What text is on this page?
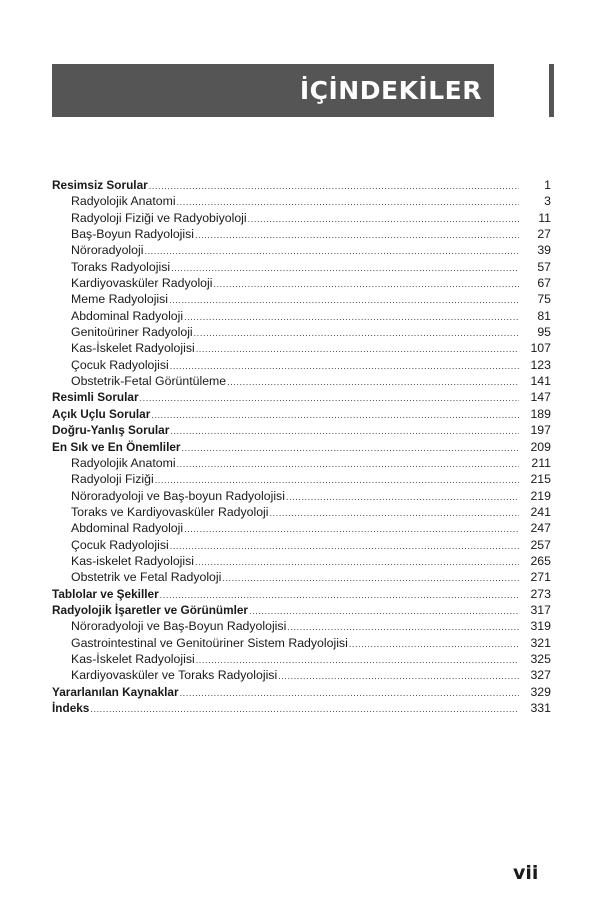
İÇİNDEKİLER
Resimsiz Sorular .....	1
Radyolojik Anatomi .....	3
Radyoloji Fiziği ve Radyobiyoloji .....	11
Baş-Boyun Radyolojisi .....	27
Nöroradyoloji .....	39
Toraks Radyolojisi .....	57
Kardiyovasküler Radyoloji .....	67
Meme Radyolojisi .....	75
Abdominal Radyoloji .....	81
Genitoüriner Radyoloji .....	95
Kas-İskelet Radyolojisi .....	107
Çocuk Radyolojisi .....	123
Obstetrik-Fetal Görüntüleme .....	141
Resimli Sorular .....	147
Açık Uçlu Sorular .....	189
Doğru-Yanlış Sorular .....	197
En Sık ve En Önemliler .....	209
Radyolojik Anatomi .....	211
Radyoloji Fiziği .....	215
Nöroradyoloji ve Baş-boyun Radyolojisi .....	219
Toraks ve Kardiyovasküler Radyoloji .....	241
Abdominal Radyoloji .....	247
Çocuk Radyolojisi .....	257
Kas-iskelet Radyolojisi .....	265
Obstetrik ve Fetal Radyoloji .....	271
Tablolar ve Şekiller .....	273
Radyolojik İşaretler ve Görünümler .....	317
Nöroradyoloji ve Baş-Boyun Radyolojisi .....	319
Gastrointestinal ve Genitoüriner Sistem Radyolojisi .....	321
Kas-İskelet Radyolojisi .....	325
Kardiyovasküler ve Toraks Radyolojisi .....	327
Yararlanılan Kaynaklar .....	329
İndeks .....	331
vii
